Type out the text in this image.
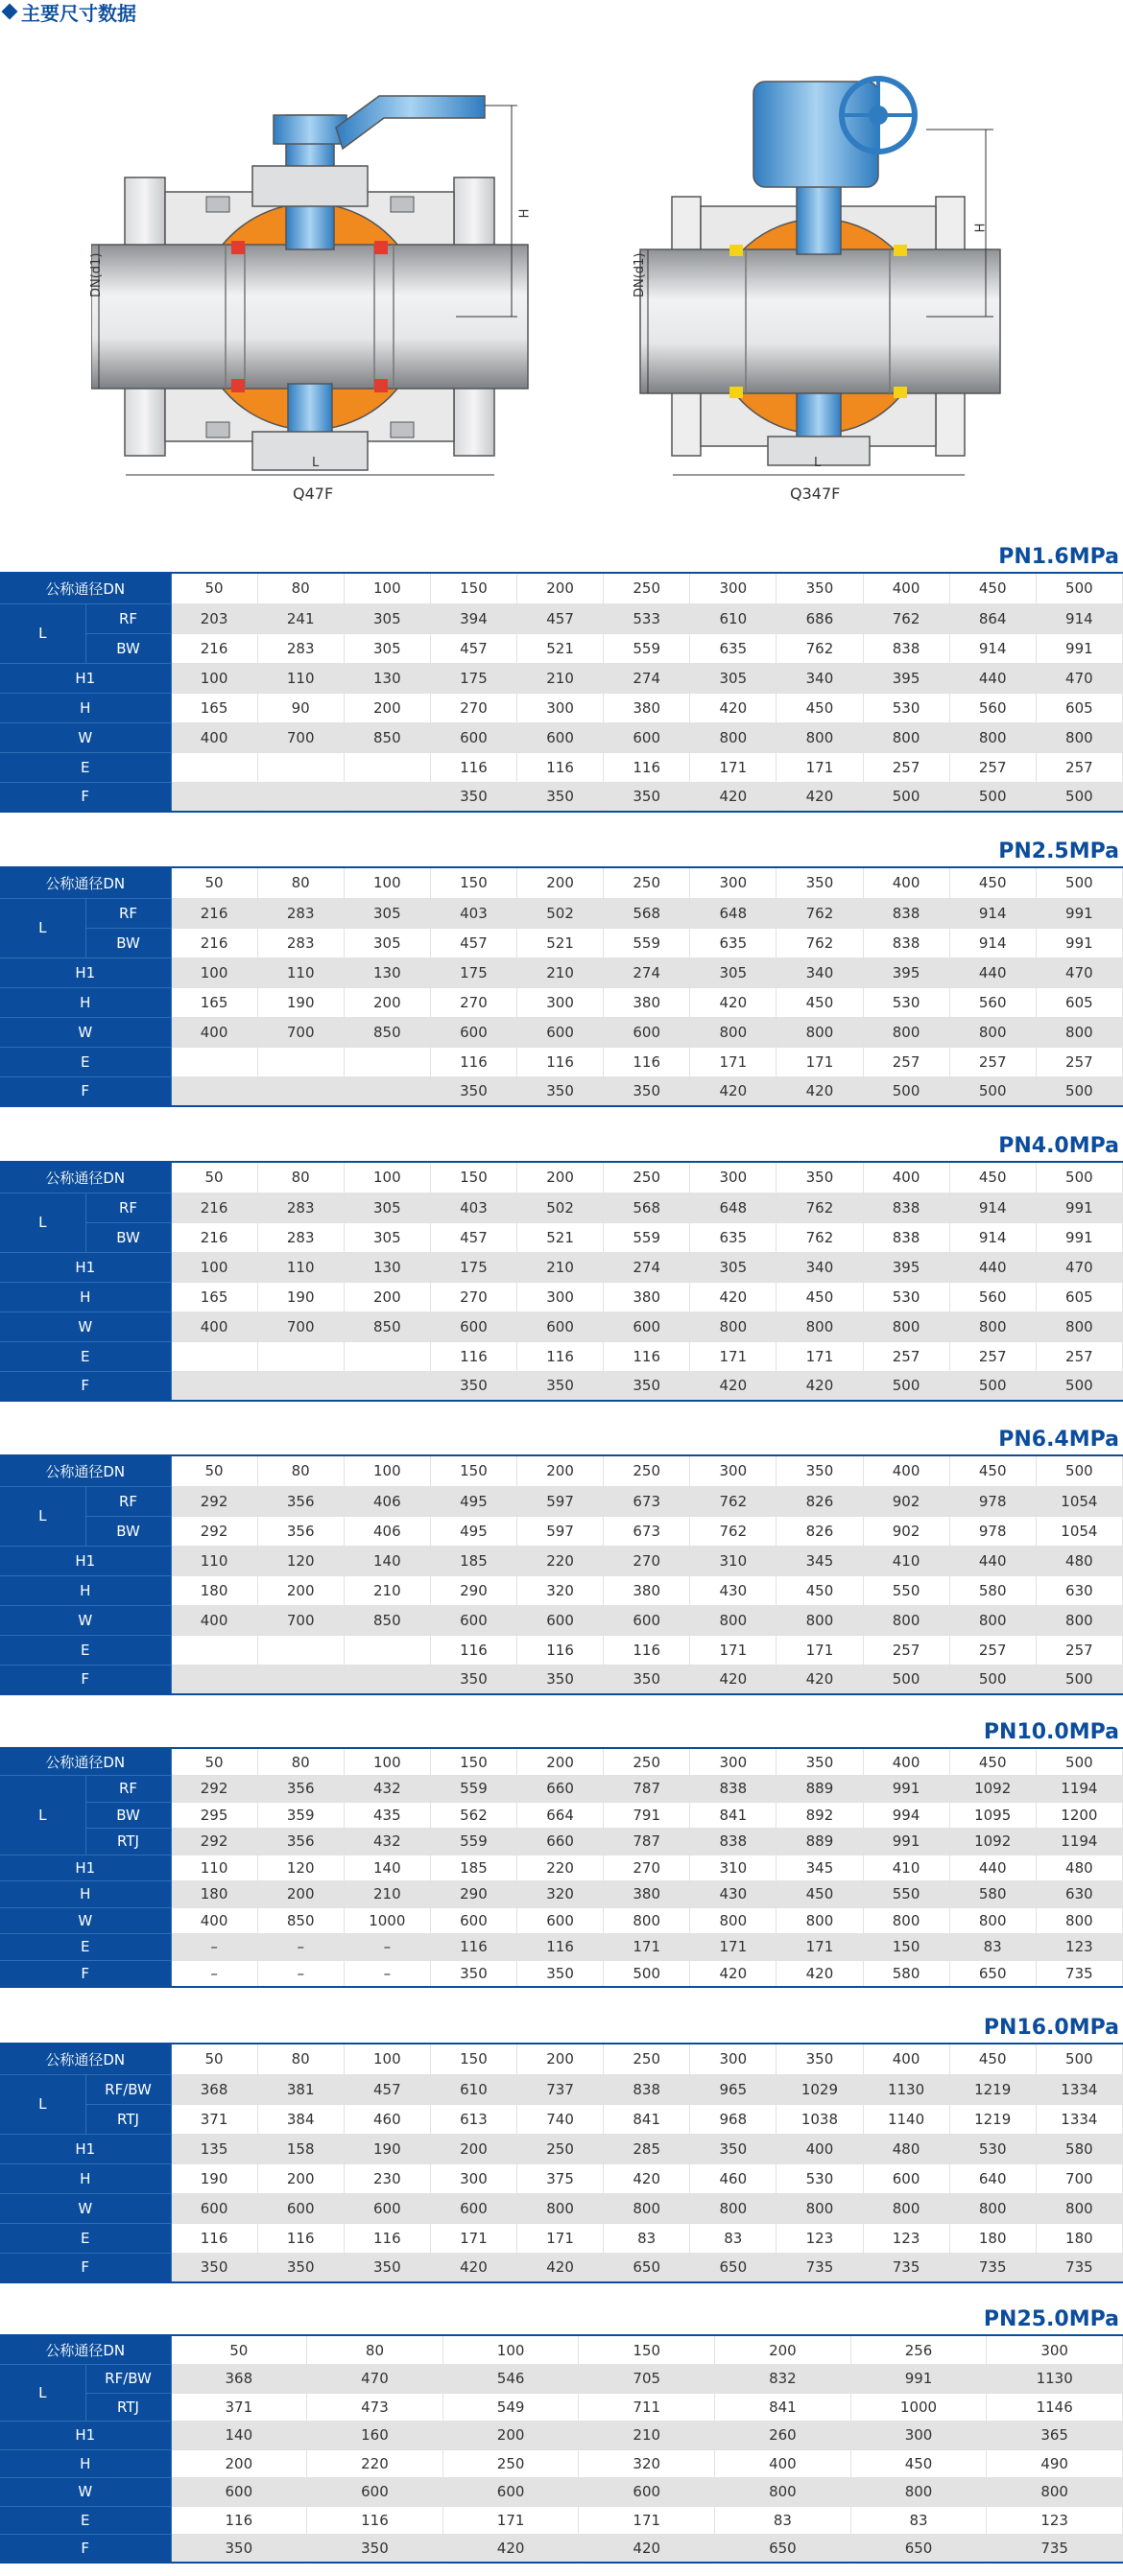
主要尺寸数据
DN(d1)
H
L
Q47F
DN(d1)
H
L
Q347F
PN1.6MPa
公称通径DN		50	80	100	150	200	250	300	350	400	450	500
L	RF	203	241	305	394	457	533	610	686	762	864	914
	BW	216	283	305	457	521	559	635	762	838	914	991
H1		100	110	130	175	210	274	305	340	395	440	470
H		165	90	200	270	300	380	420	450	530	560	605
W		400	700	850	600	600	600	800	800	800	800	800
E					116	116	116	171	171	257	257	257
F					350	350	350	420	420	500	500	500
PN2.5MPa
公称通径DN		50	80	100	150	200	250	300	350	400	450	500
L	RF	216	283	305	403	502	568	648	762	838	914	991
	BW	216	283	305	457	521	559	635	762	838	914	991
H1		100	110	130	175	210	274	305	340	395	440	470
H		165	190	200	270	300	380	420	450	530	560	605
W		400	700	850	600	600	600	800	800	800	800	800
E					116	116	116	171	171	257	257	257
F					350	350	350	420	420	500	500	500
PN4.0MPa
公称通径DN		50	80	100	150	200	250	300	350	400	450	500
L	RF	216	283	305	403	502	568	648	762	838	914	991
	BW	216	283	305	457	521	559	635	762	838	914	991
H1		100	110	130	175	210	274	305	340	395	440	470
H		165	190	200	270	300	380	420	450	530	560	605
W		400	700	850	600	600	600	800	800	800	800	800
E					116	116	116	171	171	257	257	257
F					350	350	350	420	420	500	500	500
PN6.4MPa
公称通径DN		50	80	100	150	200	250	300	350	400	450	500
L	RF	292	356	406	495	597	673	762	826	902	978	1054
	BW	292	356	406	495	597	673	762	826	902	978	1054
H1		110	120	140	185	220	270	310	345	410	440	480
H		180	200	210	290	320	380	430	450	550	580	630
W		400	700	850	600	600	600	800	800	800	800	800
E					116	116	116	171	171	257	257	257
F					350	350	350	420	420	500	500	500
PN10.0MPa
公称通径DN		50	80	100	150	200	250	300	350	400	450	500
L	RF	292	356	432	559	660	787	838	889	991	1092	1194
	BW	295	359	435	562	664	791	841	892	994	1095	1200
	RTJ	292	356	432	559	660	787	838	889	991	1092	1194
H1		110	120	140	185	220	270	310	345	410	440	480
H		180	200	210	290	320	380	430	450	550	580	630
W		400	850	1000	600	600	800	800	800	800	800	800
E		–	–	–	116	116	171	171	171	150	83	123
F		–	–	–	350	350	500	420	420	580	650	735
PN16.0MPa
公称通径DN		50	80	100	150	200	250	300	350	400	450	500
L	RF/BW	368	381	457	610	737	838	965	1029	1130	1219	1334
	RTJ	371	384	460	613	740	841	968	1038	1140	1219	1334
H1		135	158	190	200	250	285	350	400	480	530	580
H		190	200	230	300	375	420	460	530	600	640	700
W		600	600	600	600	800	800	800	800	800	800	800
E		116	116	116	171	171	83	83	123	123	180	180
F		350	350	350	420	420	650	650	735	735	735	735
PN25.0MPa
公称通径DN		50	80	100	150	200	256	300
L	RF/BW	368	470	546	705	832	991	1130
	RTJ	371	473	549	711	841	1000	1146
H1		140	160	200	210	260	300	365
H		200	220	250	320	400	450	490
W		600	600	600	600	800	800	800
E		116	116	171	171	83	83	123
F		350	350	420	420	650	650	735
